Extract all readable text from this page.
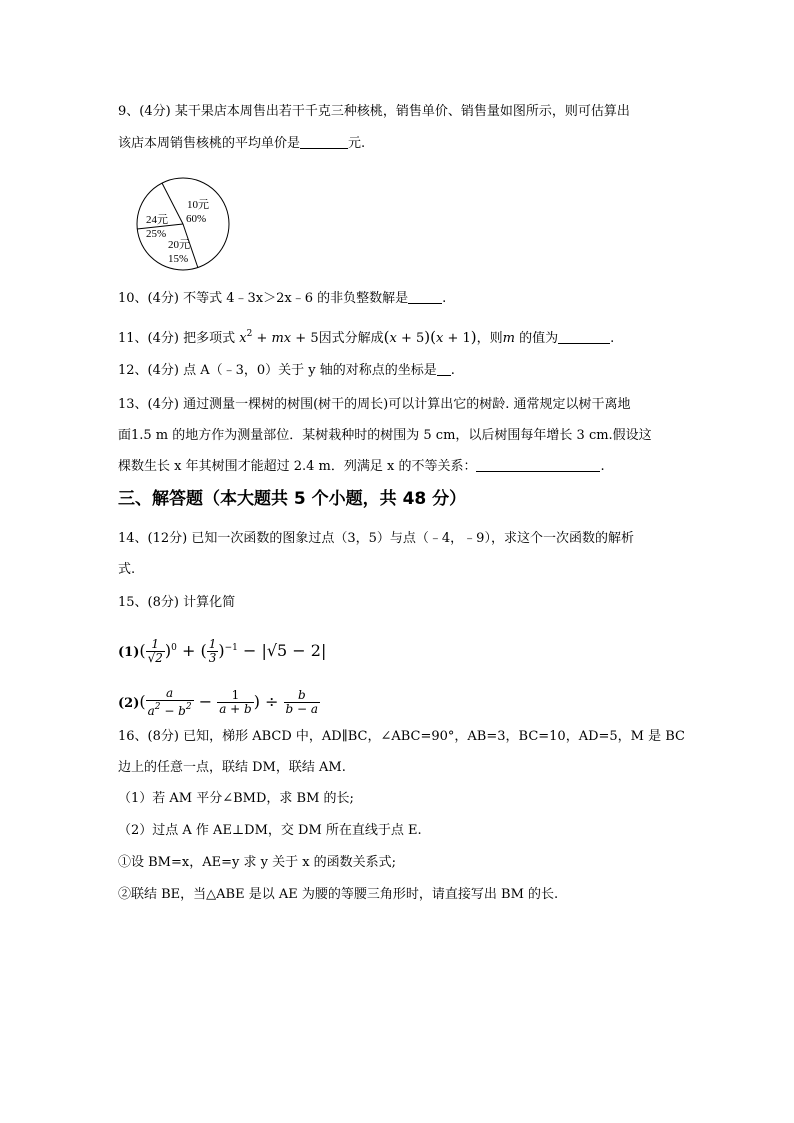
9、(4分) 某干果店本周售出若干千克三种核桃，销售单价、销售量如图所示，则可估算出
该店本周销售核桃的平均单价是	元.
10元
60%
24元
25%
20元
15%
10、(4分) 不等式 4﹣3x＞2x﹣6 的非负整数解是	.
11、(4分) 把多项式 $x^2$ + mx + 5因式分解成(x + 5)(x + 1)，则m 的值为	.
12、(4分) 点 A（﹣3，0）关于 y 轴的对称点的坐标是 .
13、(4分) 通过测量一棵树的树围(树干的周长)可以计算出它的树龄. 通常规定以树干离地
面1.5 m 的地方作为测量部位．某树栽种时的树围为 5 cm，以后树围每年增长 3 cm.假设这
棵数生长 x 年其树围才能超过 2.4 m．列满足 x 的不等关系：	.
三、解答题（本大题共 5 个小题，共 48 分）
14、(12分) 已知一次函数的图象过点（3，5）与点（﹣4，﹣9），求这个一次函数的解析
式.
15、(8分) 计算化简
$(1)( \frac{1}{√2} )^0$ + ( $\frac{1}{3} )^{-1} - |√5 - 2|$
$(2)( \frac{a}{a^2 - b^2} - \frac{1}{a + b}$ ) ÷ $\frac{b}{b - a}$
16、(8分) 已知，梯形 ABCD 中，AD∥BC，∠ABC=90°，AB=3，BC=10，AD=5，M 是 BC
边上的任意一点，联结 DM，联结 AM.
（1）若 AM 平分∠BMD，求 BM 的长;
（2）过点 A 作 AE⊥DM，交 DM 所在直线于点 E.
①设 BM=x，AE=y 求 y 关于 x 的函数关系式;
②联结 BE，当△ABE 是以 AE 为腰的等腰三角形时，请直接写出 BM 的长.
